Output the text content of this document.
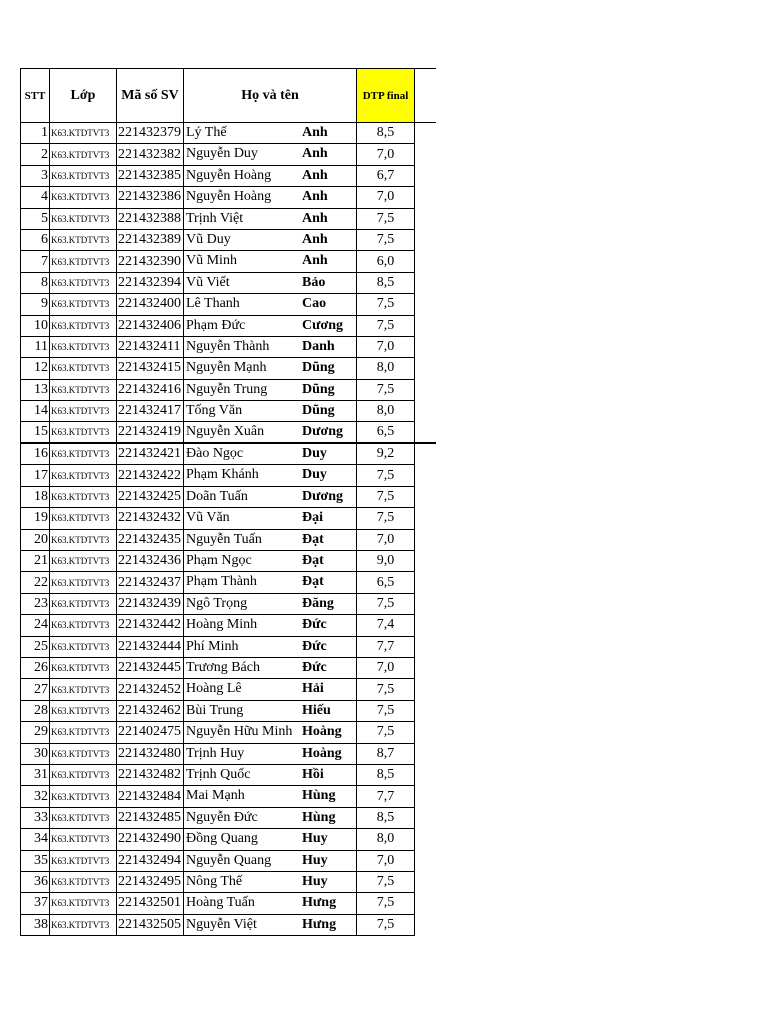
STT	Lớp	Mã số SV	Họ và tên	DTP final	
1	K63.KTDTVT3	221432379	Lý Thế Anh	8,5	
2	K63.KTDTVT3	221432382	Nguyễn Duy Anh	7,0	
3	K63.KTDTVT3	221432385	Nguyễn Hoàng Anh	6,7	
4	K63.KTDTVT3	221432386	Nguyễn Hoàng Anh	7,0	
5	K63.KTDTVT3	221432388	Trịnh Việt Anh	7,5	
6	K63.KTDTVT3	221432389	Vũ Duy Anh	7,5	
7	K63.KTDTVT3	221432390	Vũ Minh Anh	6,0	
8	K63.KTDTVT3	221432394	Vũ Viết Bảo	8,5	
9	K63.KTDTVT3	221432400	Lê Thanh Cao	7,5	
10	K63.KTDTVT3	221432406	Phạm Đức Cương	7,5	
11	K63.KTDTVT3	221432411	Nguyễn Thành Danh	7,0	
12	K63.KTDTVT3	221432415	Nguyễn Mạnh Dũng	8,0	
13	K63.KTDTVT3	221432416	Nguyễn Trung Dũng	7,5	
14	K63.KTDTVT3	221432417	Tống Văn Dũng	8,0	
15	K63.KTDTVT3	221432419	Nguyễn Xuân Dương	6,5	
16	K63.KTDTVT3	221432421	Đào Ngọc Duy	9,2	
17	K63.KTDTVT3	221432422	Phạm Khánh Duy	7,5	
18	K63.KTDTVT3	221432425	Doãn Tuấn Dương	7,5	
19	K63.KTDTVT3	221432432	Vũ Văn Đại	7,5	
20	K63.KTDTVT3	221432435	Nguyễn Tuấn Đạt	7,0	
21	K63.KTDTVT3	221432436	Phạm Ngọc Đạt	9,0	
22	K63.KTDTVT3	221432437	Phạm Thành Đạt	6,5	
23	K63.KTDTVT3	221432439	Ngô Trọng Đăng	7,5	
24	K63.KTDTVT3	221432442	Hoàng Minh Đức	7,4	
25	K63.KTDTVT3	221432444	Phí Minh Đức	7,7	
26	K63.KTDTVT3	221432445	Trương Bách Đức	7,0	
27	K63.KTDTVT3	221432452	Hoàng Lê Hải	7,5	
28	K63.KTDTVT3	221432462	Bùi Trung Hiếu	7,5	
29	K63.KTDTVT3	221402475	Nguyễn Hữu Minh Hoàng	7,5	
30	K63.KTDTVT3	221432480	Trịnh Huy Hoàng	8,7	
31	K63.KTDTVT3	221432482	Trịnh Quốc Hồi	8,5	
32	K63.KTDTVT3	221432484	Mai Mạnh Hùng	7,7	
33	K63.KTDTVT3	221432485	Nguyễn Đức Hùng	8,5	
34	K63.KTDTVT3	221432490	Đồng Quang Huy	8,0	
35	K63.KTDTVT3	221432494	Nguyễn Quang Huy	7,0	
36	K63.KTDTVT3	221432495	Nông Thế Huy	7,5	
37	K63.KTDTVT3	221432501	Hoàng Tuấn Hưng	7,5	
38	K63.KTDTVT3	221432505	Nguyễn Việt Hưng	7,5	
